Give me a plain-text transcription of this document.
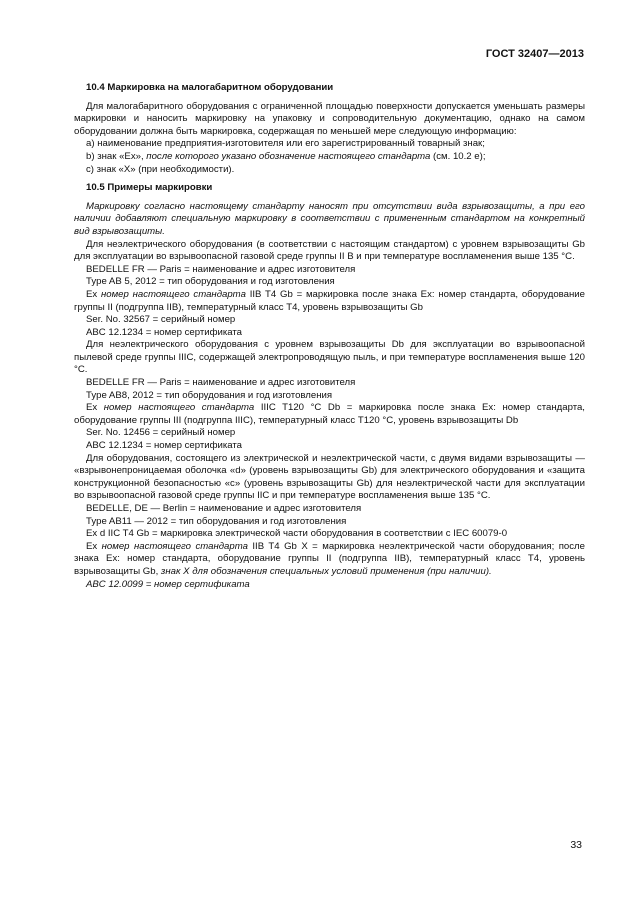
ГОСТ 32407—2013

10.4 Маркировка на малогабаритном оборудовании

Для малогабаритного оборудования с ограниченной площадью поверхности допускается уменьшать размеры маркировки и наносить маркировку на упаковку и сопроводительную документацию, однако на самом оборудовании должна быть маркировка, содержащая по меньшей мере следующую информацию:

а) наименование предприятия-изготовителя или его зарегистрированный товарный знак;

b) знак «Ex», после которого указано обозначение настоящего стандарта (см. 10.2 е);

с) знак «X» (при необходимости).

10.5 Примеры маркировки

Маркировку согласно настоящему стандарту наносят при отсутствии вида взрывозащиты, а при его наличии добавляют специальную маркировку в соответствии с примененным стандартом на конкретный вид взрывозащиты.

Для неэлектрического оборудования (в соответствии с настоящим стандартом) с уровнем взрывозащиты Gb для эксплуатации во взрывоопасной газовой среде группы II В и при температуре воспламенения выше 135 °С.

BEDELLE FR — Paris = наименование и адрес изготовителя

Type AB 5, 2012 = тип оборудования и год изготовления

Ex номер настоящего стандарта IIB T4 Gb = маркировка после знака Ex: номер стандарта, оборудование группы II (подгруппа IIB), температурный класс Т4, уровень взрывозащиты Gb

Ser. No. 32567 = серийный номер

ABC 12.1234 = номер сертификата

Для неэлектрического оборудования с уровнем взрывозащиты Db для эксплуатации во взрывоопасной пылевой среде группы IIIC, содержащей электропроводящую пыль, и при температуре воспламенения выше 120 °С.

BEDELLE FR — Paris = наименование и адрес изготовителя

Type AB8, 2012 = тип оборудования и год изготовления

Ex номер настоящего стандарта IIIC T120 °C Db = маркировка после знака Ex: номер стандарта, оборудование группы III (подгруппа IIIC), температурный класс Т120 °С, уровень взрывозащиты Db

Ser. No. 12456 = серийный номер

ABC 12.1234 = номер сертификата

Для оборудования, состоящего из электрической и неэлектрической части, с двумя видами взрывозащиты — «взрывонепроницаемая оболочка «d» (уровень взрывозащиты Gb) для электрического оборудования и «защита конструкционной безопасностью «с» (уровень взрывозащиты Gb) для неэлектрической части для эксплуатации во взрывоопасной газовой среде группы IIC и при температуре воспламенения выше 135 °С.

BEDELLE, DE — Berlin = наименование и адрес изготовителя

Type AB11 — 2012 = тип оборудования и год изготовления

Ex d IIC T4 Gb = маркировка электрической части оборудования в соответствии с IEC 60079-0

Ex номер настоящего стандарта IIB T4 Gb X = маркировка неэлектрической части оборудования; после знака Ex: номер стандарта, оборудование группы II (подгруппа IIB), температурный класс Т4, уровень взрывозащиты Gb, знак X для обозначения специальных условий применения (при наличии).

ABC 12.0099 = номер сертификата

33
